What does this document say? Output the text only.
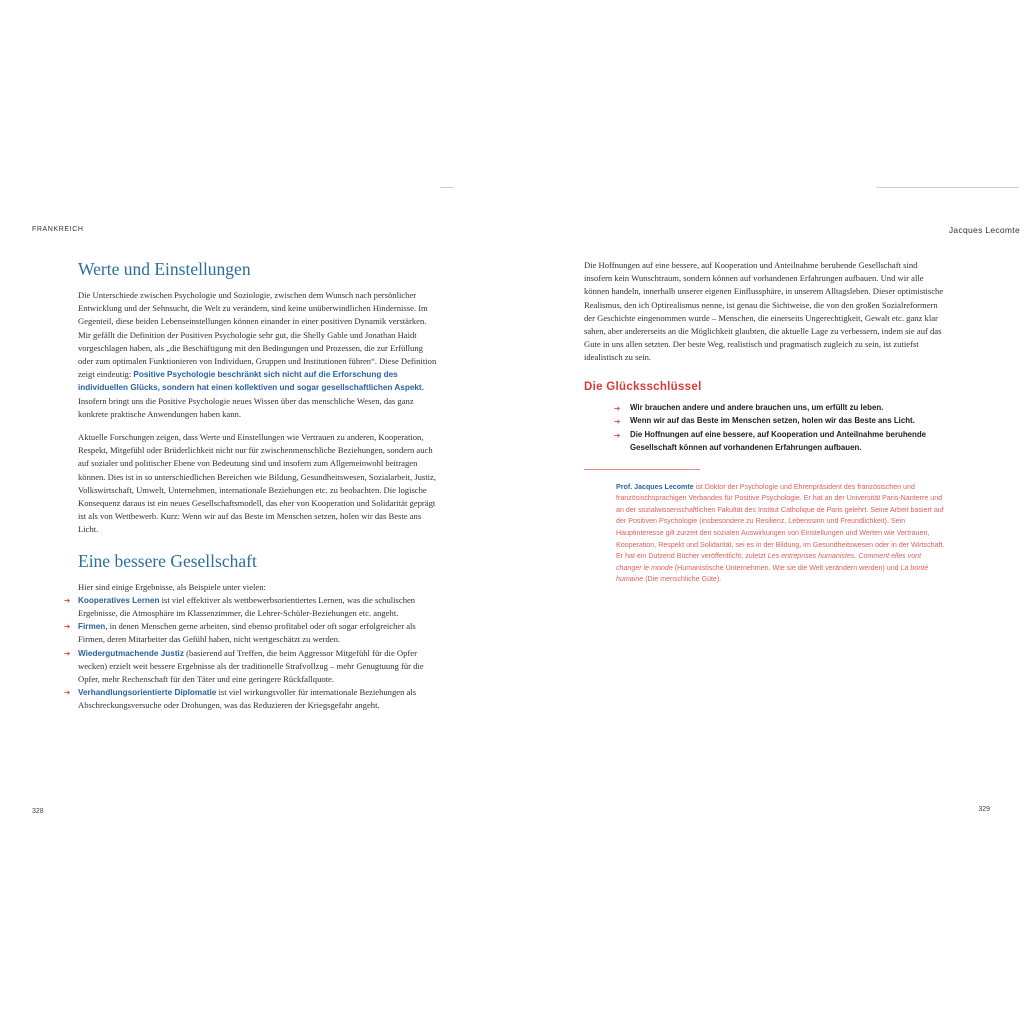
FRANKREICH
Werte und Einstellungen

Die Unterschiede zwischen Psychologie und Soziologie, zwischen dem Wunsch nach persönlicher Entwicklung und der Sehnsucht, die Welt zu verändern, sind keine unüberwindlichen Hindernisse. Im Gegenteil, diese beiden Lebenseinstellungen können einander in einer positiven Dynamik verstärken. Mir gefällt die Definition der Positiven Psychologie sehr gut, die Shelly Gable und Jonathan Haidt vorgeschlagen haben, als „die Beschäftigung mit den Bedingungen und Prozessen, die zur Erfüllung oder zum optimalen Funktionieren von Individuen, Gruppen und Institutionen führen“. Diese Definition zeigt eindeutig: Positive Psychologie beschränkt sich nicht auf die Erforschung des individuellen Glücks, sondern hat einen kollektiven und sogar gesellschaftlichen Aspekt. Insofern bringt uns die Positive Psychologie neues Wissen über das menschliche Wesen, das ganz konkrete praktische Anwendungen haben kann.

Aktuelle Forschungen zeigen, dass Werte und Einstellungen wie Vertrauen zu anderen, Kooperation, Respekt, Mitgefühl oder Brüderlichkeit nicht nur für zwischenmenschliche Beziehungen, sondern auch auf sozialer und politischer Ebene von Bedeutung sind und insofern zum Allgemeinwohl beitragen können. Dies ist in so unterschiedlichen Bereichen wie Bildung, Gesundheitswesen, Sozialarbeit, Justiz, Volkswirtschaft, Umwelt, Unternehmen, internationale Beziehungen etc. zu beobachten. Die logische Konsequenz daraus ist ein neues Gesellschaftsmodell, das eher von Kooperation und Solidarität geprägt ist als von Wettbewerb. Kurz: Wenn wir auf das Beste im Menschen setzen, holen wir das Beste ans Licht.

Eine bessere Gesellschaft

Hier sind einige Ergebnisse, als Beispiele unter vielen:

➔ Kooperatives Lernen ist viel effektiver als wettbewerbsorientiertes Lernen, was die schulischen Ergebnisse, die Atmosphäre im Klassenzimmer, die Lehrer-Schüler-Beziehungen etc. angeht.
➔ Firmen, in denen Menschen gerne arbeiten, sind ebenso profitabel oder oft sogar erfolgreicher als Firmen, deren Mitarbeiter das Gefühl haben, nicht wertgeschätzt zu werden.
➔ Wiedergutmachende Justiz (basierend auf Treffen, die beim Aggressor Mitgefühl für die Opfer wecken) erzielt weit bessere Ergebnisse als der traditionelle Strafvollzug – mehr Genugtuung für die Opfer, mehr Rechenschaft für den Täter und eine geringere Rückfallquote.
➔ Verhandlungsorientierte Diplomatie ist viel wirkungsvoller für internationale Beziehungen als Abschreckungsversuche oder Drohungen, was das Reduzieren der Kriegsgefahr angeht.
328
Jacques Lecomte

Die Hoffnungen auf eine bessere, auf Kooperation und Anteilnahme beruhende Gesellschaft sind insofern kein Wunschtraum, sondern können auf vorhandenen Erfahrungen aufbauen. Und wir alle können handeln, innerhalb unserer eigenen Einflussphäre, in unserem Alltagsleben. Dieser optimistische Realismus, den ich Optirealismus nenne, ist genau die Sichtweise, die von den großen Sozialreformern der Geschichte eingenommen wurde – Menschen, die einerseits Ungerechtigkeit, Gewalt etc. ganz klar sahen, aber andererseits an die Möglichkeit glaubten, die aktuelle Lage zu verbessern, indem sie auf das Gute in uns allen setzten. Der beste Weg, realistisch und pragmatisch zugleich zu sein, ist zutiefst idealistisch zu sein.

Die Glücksschlüssel
➔ Wir brauchen andere und andere brauchen uns, um erfüllt zu leben.
➔ Wenn wir auf das Beste im Menschen setzen, holen wir das Beste ans Licht.
➔ Die Hoffnungen auf eine bessere, auf Kooperation und Anteilnahme beruhende Gesellschaft können auf vorhandenen Erfahrungen aufbauen.

Prof. Jacques Lecomte ist Doktor der Psychologie und Ehrenpräsident des französischen und französischsprachigen Verbandes für Positive Psychologie. Er hat an der Universität Paris-Nanterre und an der sozialwissenschaftlichen Fakultät des Institut Catholique de Paris gelehrt. Seine Arbeit basiert auf der Positiven Psychologie (insbesondere zu Resilienz, Lebenssinn und Freundlichkeit). Sein Hauptinteresse gilt zurzeit den sozialen Auswirkungen von Einstellungen und Werten wie Vertrauen, Kooperation, Respekt und Solidarität, sei es in der Bildung, im Gesundheitswesen oder in der Wirtschaft. Er hat ein Dutzend Bücher veröffentlicht, zuletzt Les entreprises humanistes. Comment elles vont changer le monde (Humanistische Unternehmen. Wie sie die Welt verändern werden) und La bonté humaine (Die menschliche Güte).

329
